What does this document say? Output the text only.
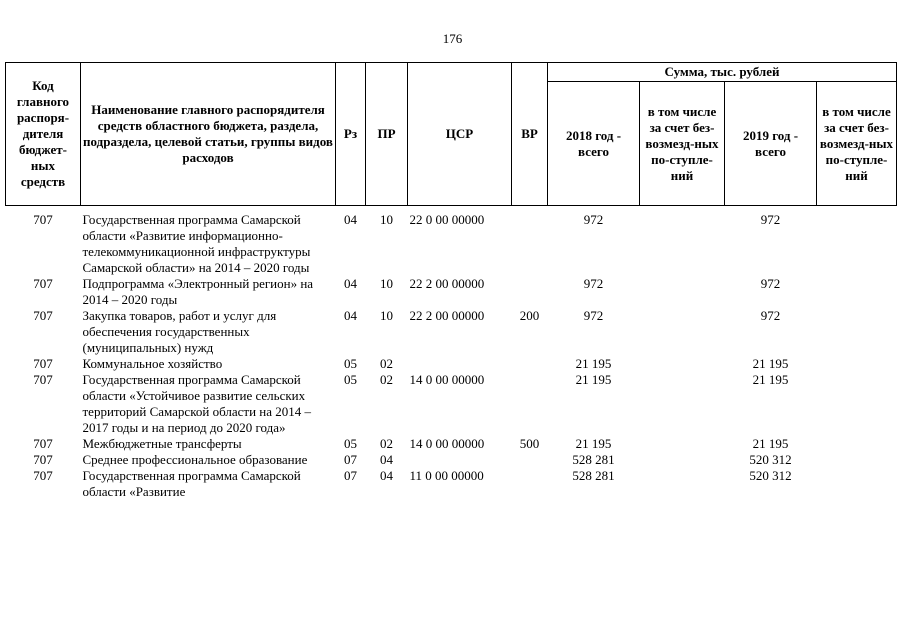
176
Код главного распоря-дителя бюджет-ных средств	Наименование главного распорядителя средств областного бюджета, раздела, подраздела, целевой статьи, группы видов расходов	Рз	ПР	ЦСР	ВР	Сумма, тыс. рублей			
						2018 год - всего	в том числе за счет без-возмезд-ных по-ступле-ний	2019 год - всего	в том числе за счет без-возмезд-ных по-ступле-ний

707	Государственная программа Самарской области «Развитие информационно-телекоммуникационной инфраструктуры Самарской области» на 2014 – 2020 годы	04	10	22 0 00 00000		972		972	
707	Подпрограмма «Электронный регион» на 2014 – 2020 годы	04	10	22 2 00 00000		972		972	
707	Закупка товаров, работ и услуг для обеспечения государственных (муниципальных) нужд	04	10	22 2 00 00000	200	972		972	
707	Коммунальное хозяйство	05	02			21 195		21 195	
707	Государственная программа Самарской области «Устойчивое развитие сельских территорий Самарской области на 2014 – 2017 годы и на период до 2020 года»	05	02	14 0 00 00000		21 195		21 195	
707	Межбюджетные трансферты	05	02	14 0 00 00000	500	21 195		21 195	
707	Среднее профессиональное образование	07	04			528 281		520 312	
707	Государственная программа Самарской области «Развитие	07	04	11 0 00 00000		528 281		520 312	
